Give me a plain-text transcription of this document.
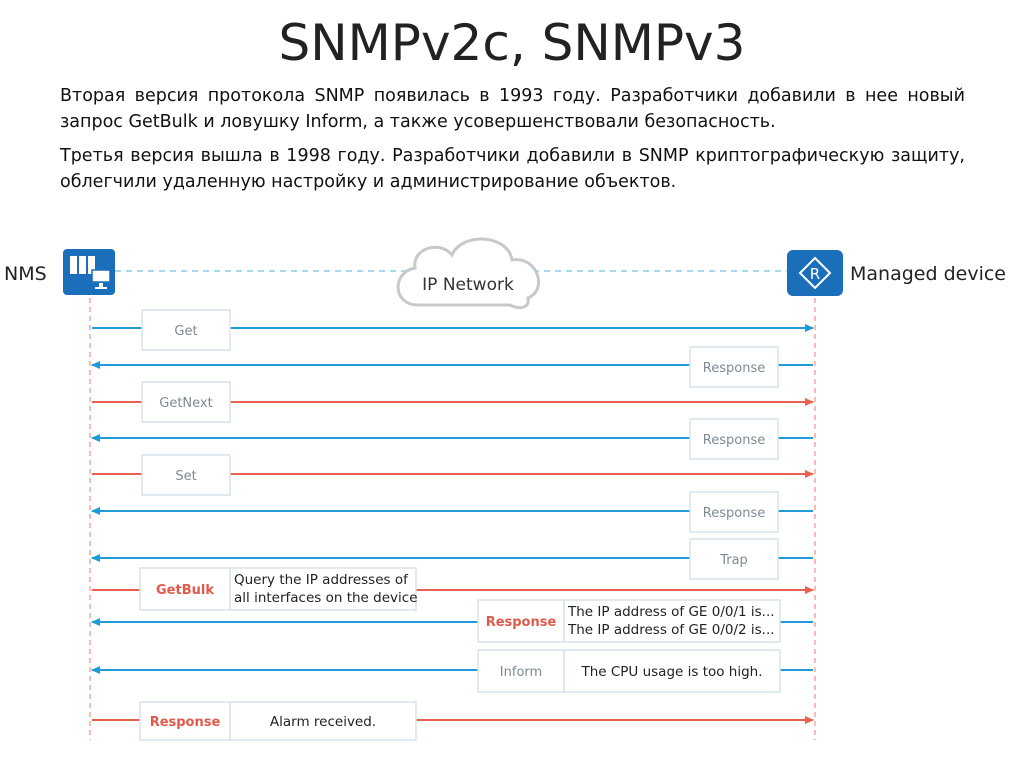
SNMPv2c, SNMPv3
Вторая версия протокола SNMP появилась в 1993 году. Разработчики добавили в нее новый запрос GetBulk и ловушку Inform, а также усовершенствовали безопасность.
Третья версия вышла в 1998 году. Разработчики добавили в SNMP криптографическую защиту, облегчили удаленную настройку и администрирование объектов.
NMS	R Managed device
IP Network
Get
Response
GetNext
Response
Set
Response
Trap
GetBulk
Query the IP addresses of
all interfaces on the device
Response
The IP address of GE 0/0/1 is...
The IP address of GE 0/0/2 is...
Inform	The CPU usage is too high.
Response	Alarm received.
